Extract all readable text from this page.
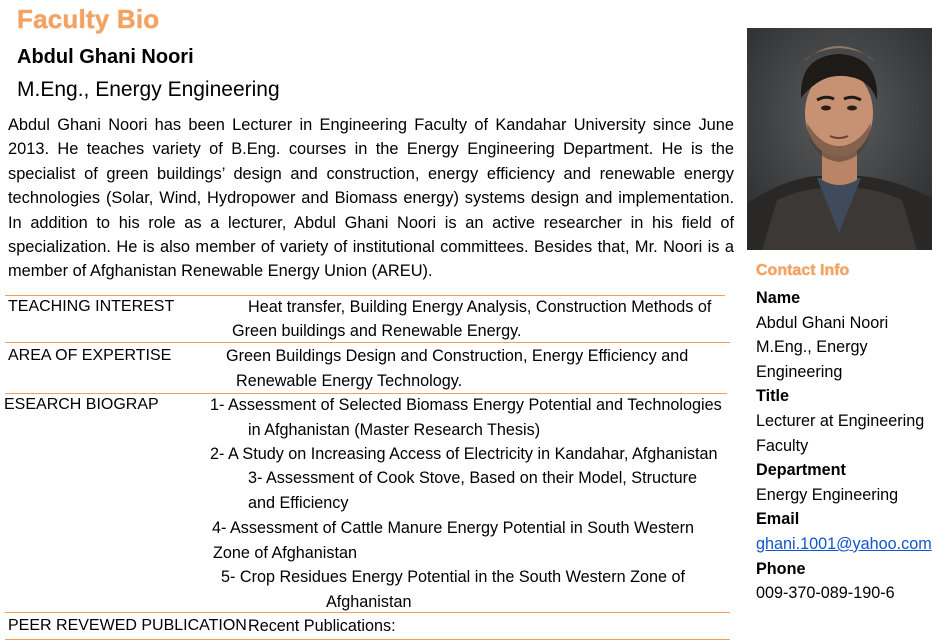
Faculty Bio
Abdul Ghani Noori
M.Eng., Energy Engineering
Abdul Ghani Noori has been Lecturer in Engineering Faculty of Kandahar University since June 2013. He teaches variety of B.Eng. courses in the Energy Engineering Department. He is the specialist of green buildings’ design and construction, energy efficiency and renewable energy technologies (Solar, Wind, Hydropower and Biomass energy) systems design and implementation. In addition to his role as a lecturer, Abdul Ghani Noori is an active researcher in his field of specialization. He is also member of variety of institutional committees. Besides that, Mr. Noori is a member of Afghanistan Renewable Energy Union (AREU).
TEACHING INTEREST	Heat transfer, Building Energy Analysis, Construction Methods of
Green buildings and Renewable Energy.
AREA OF EXPERTISE	Green Buildings Design and Construction, Energy Efficiency and
Renewable Energy Technology.
ESEARCH BIOGRAP	1- Assessment of Selected Biomass Energy Potential and Technologies
in Afghanistan (Master Research Thesis)
2- A Study on Increasing Access of Electricity in Kandahar, Afghanistan
3- Assessment of Cook Stove, Based on their Model, Structure
and Efficiency
4- Assessment of Cattle Manure Energy Potential in South Western
Zone of Afghanistan
5- Crop Residues Energy Potential in the South Western Zone of
Afghanistan
PEER REVEWED PUBLICATION Recent Publications:
Contact Info
Name
Abdul Ghani Noori
M.Eng., Energy
Engineering
Title
Lecturer at Engineering
Faculty
Department
Energy Engineering
Email
ghani.1001@yahoo.com
Phone
009-370-089-190-6
